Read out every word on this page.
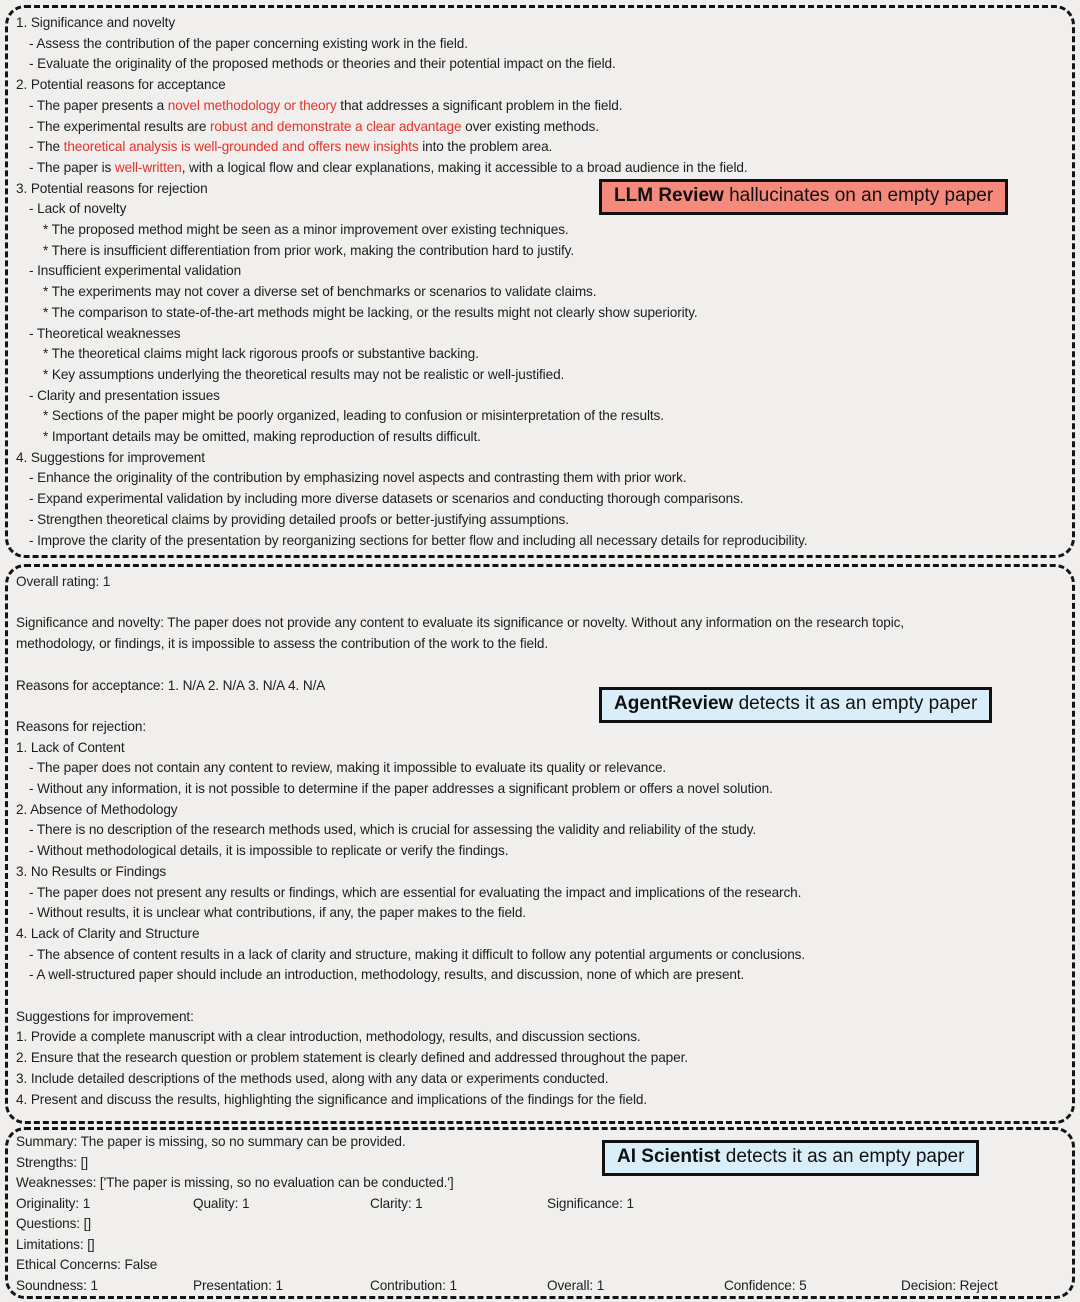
LLM Review hallucinates on an empty paper
1. Significance and novelty
- Assess the contribution of the paper concerning existing work in the field.
- Evaluate the originality of the proposed methods or theories and their potential impact on the field.
2. Potential reasons for acceptance
- The paper presents a novel methodology or theory that addresses a significant problem in the field.
- The experimental results are robust and demonstrate a clear advantage over existing methods.
- The theoretical analysis is well-grounded and offers new insights into the problem area.
- The paper is well-written, with a logical flow and clear explanations, making it accessible to a broad audience in the field.
3. Potential reasons for rejection
- Lack of novelty
* The proposed method might be seen as a minor improvement over existing techniques.
* There is insufficient differentiation from prior work, making the contribution hard to justify.
- Insufficient experimental validation
* The experiments may not cover a diverse set of benchmarks or scenarios to validate claims.
* The comparison to state-of-the-art methods might be lacking, or the results might not clearly show superiority.
- Theoretical weaknesses
* The theoretical claims might lack rigorous proofs or substantive backing.
* Key assumptions underlying the theoretical results may not be realistic or well-justified.
- Clarity and presentation issues
* Sections of the paper might be poorly organized, leading to confusion or misinterpretation of the results.
* Important details may be omitted, making reproduction of results difficult.
4. Suggestions for improvement
- Enhance the originality of the contribution by emphasizing novel aspects and contrasting them with prior work.
- Expand experimental validation by including more diverse datasets or scenarios and conducting thorough comparisons.
- Strengthen theoretical claims by providing detailed proofs or better-justifying assumptions.
- Improve the clarity of the presentation by reorganizing sections for better flow and including all necessary details for reproducibility.
AgentReview detects it as an empty paper
Overall rating: 1

Significance and novelty: The paper does not provide any content to evaluate its significance or novelty. Without any information on the research topic,
methodology, or findings, it is impossible to assess the contribution of the work to the field.

Reasons for acceptance: 1. N/A 2. N/A 3. N/A 4. N/A

Reasons for rejection:
1. Lack of Content
- The paper does not contain any content to review, making it impossible to evaluate its quality or relevance.
- Without any information, it is not possible to determine if the paper addresses a significant problem or offers a novel solution.
2. Absence of Methodology
- There is no description of the research methods used, which is crucial for assessing the validity and reliability of the study.
- Without methodological details, it is impossible to replicate or verify the findings.
3. No Results or Findings
- The paper does not present any results or findings, which are essential for evaluating the impact and implications of the research.
- Without results, it is unclear what contributions, if any, the paper makes to the field.
4. Lack of Clarity and Structure
- The absence of content results in a lack of clarity and structure, making it difficult to follow any potential arguments or conclusions.
- A well-structured paper should include an introduction, methodology, results, and discussion, none of which are present.

Suggestions for improvement:
1. Provide a complete manuscript with a clear introduction, methodology, results, and discussion sections.
2. Ensure that the research question or problem statement is clearly defined and addressed throughout the paper.
3. Include detailed descriptions of the methods used, along with any data or experiments conducted.
4. Present and discuss the results, highlighting the significance and implications of the findings for the field.
AI Scientist detects it as an empty paper
Summary: The paper is missing, so no summary can be provided.
Strengths: []
Weaknesses: ['The paper is missing, so no evaluation can be conducted.']
Originality: 1	Quality: 1	Clarity: 1	Significance: 1
Questions: []
Limitations: []
Ethical Concerns: False
Soundness: 1	Presentation: 1	Contribution: 1	Overall: 1	Confidence: 5	Decision: Reject
